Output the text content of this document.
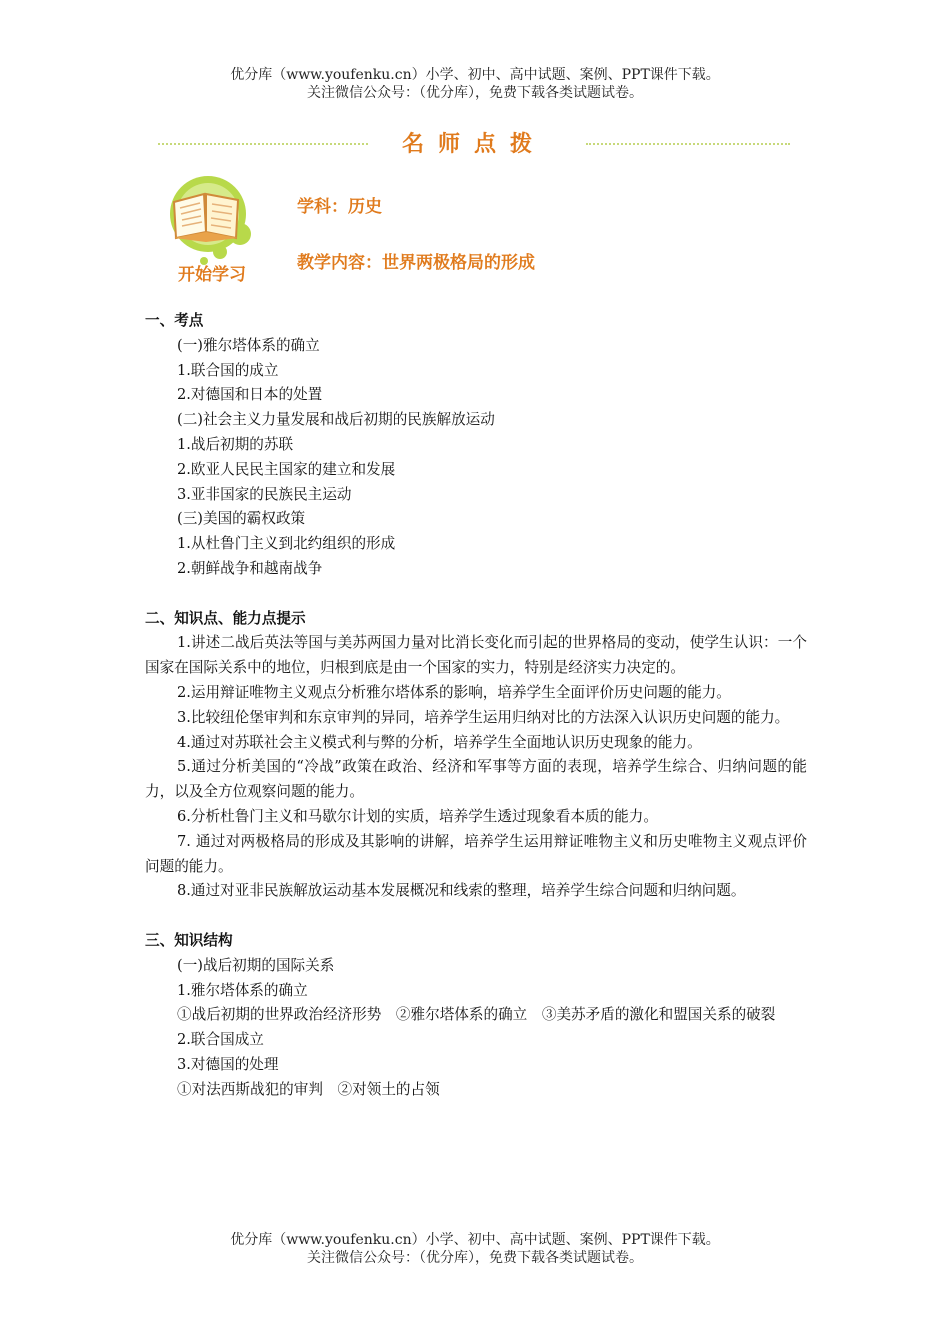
优分库（www.youfenku.cn）小学、初中、高中试题、案例、PPT课件下载。
关注微信公众号：（优分库），免费下载各类试题试卷。
名师点拨
开始学习
学科：历史
教学内容：世界两极格局的形成

一、考点

(一)雅尔塔体系的确立

1.联合国的成立

2.对德国和日本的处置

(二)社会主义力量发展和战后初期的民族解放运动

1.战后初期的苏联

2.欧亚人民民主国家的建立和发展

3.亚非国家的民族民主运动

(三)美国的霸权政策

1.从杜鲁门主义到北约组织的形成

2.朝鲜战争和越南战争

二、知识点、能力点提示

1.讲述二战后英法等国与美苏两国力量对比消长变化而引起的世界格局的变动，使学生认识：一个国家在国际关系中的地位，归根到底是由一个国家的实力，特别是经济实力决定的。

2.运用辩证唯物主义观点分析雅尔塔体系的影响，培养学生全面评价历史问题的能力。

3.比较纽伦堡审判和东京审判的异同，培养学生运用归纳对比的方法深入认识历史问题的能力。

4.通过对苏联社会主义模式利与弊的分析，培养学生全面地认识历史现象的能力。

5.通过分析美国的“冷战”政策在政治、经济和军事等方面的表现，培养学生综合、归纳问题的能力，以及全方位观察问题的能力。

6.分析杜鲁门主义和马歇尔计划的实质，培养学生透过现象看本质的能力。

7. 通过对两极格局的形成及其影响的讲解，培养学生运用辩证唯物主义和历史唯物主义观点评价问题的能力。

8.通过对亚非民族解放运动基本发展概况和线索的整理，培养学生综合问题和归纳问题。

三、知识结构

(一)战后初期的国际关系

1.雅尔塔体系的确立

①战后初期的世界政治经济形势　②雅尔塔体系的确立　③美苏矛盾的激化和盟国关系的破裂

2.联合国成立

3.对德国的处理

①对法西斯战犯的审判　②对领土的占领

优分库（www.youfenku.cn）小学、初中、高中试题、案例、PPT课件下载。
关注微信公众号：（优分库），免费下载各类试题试卷。
